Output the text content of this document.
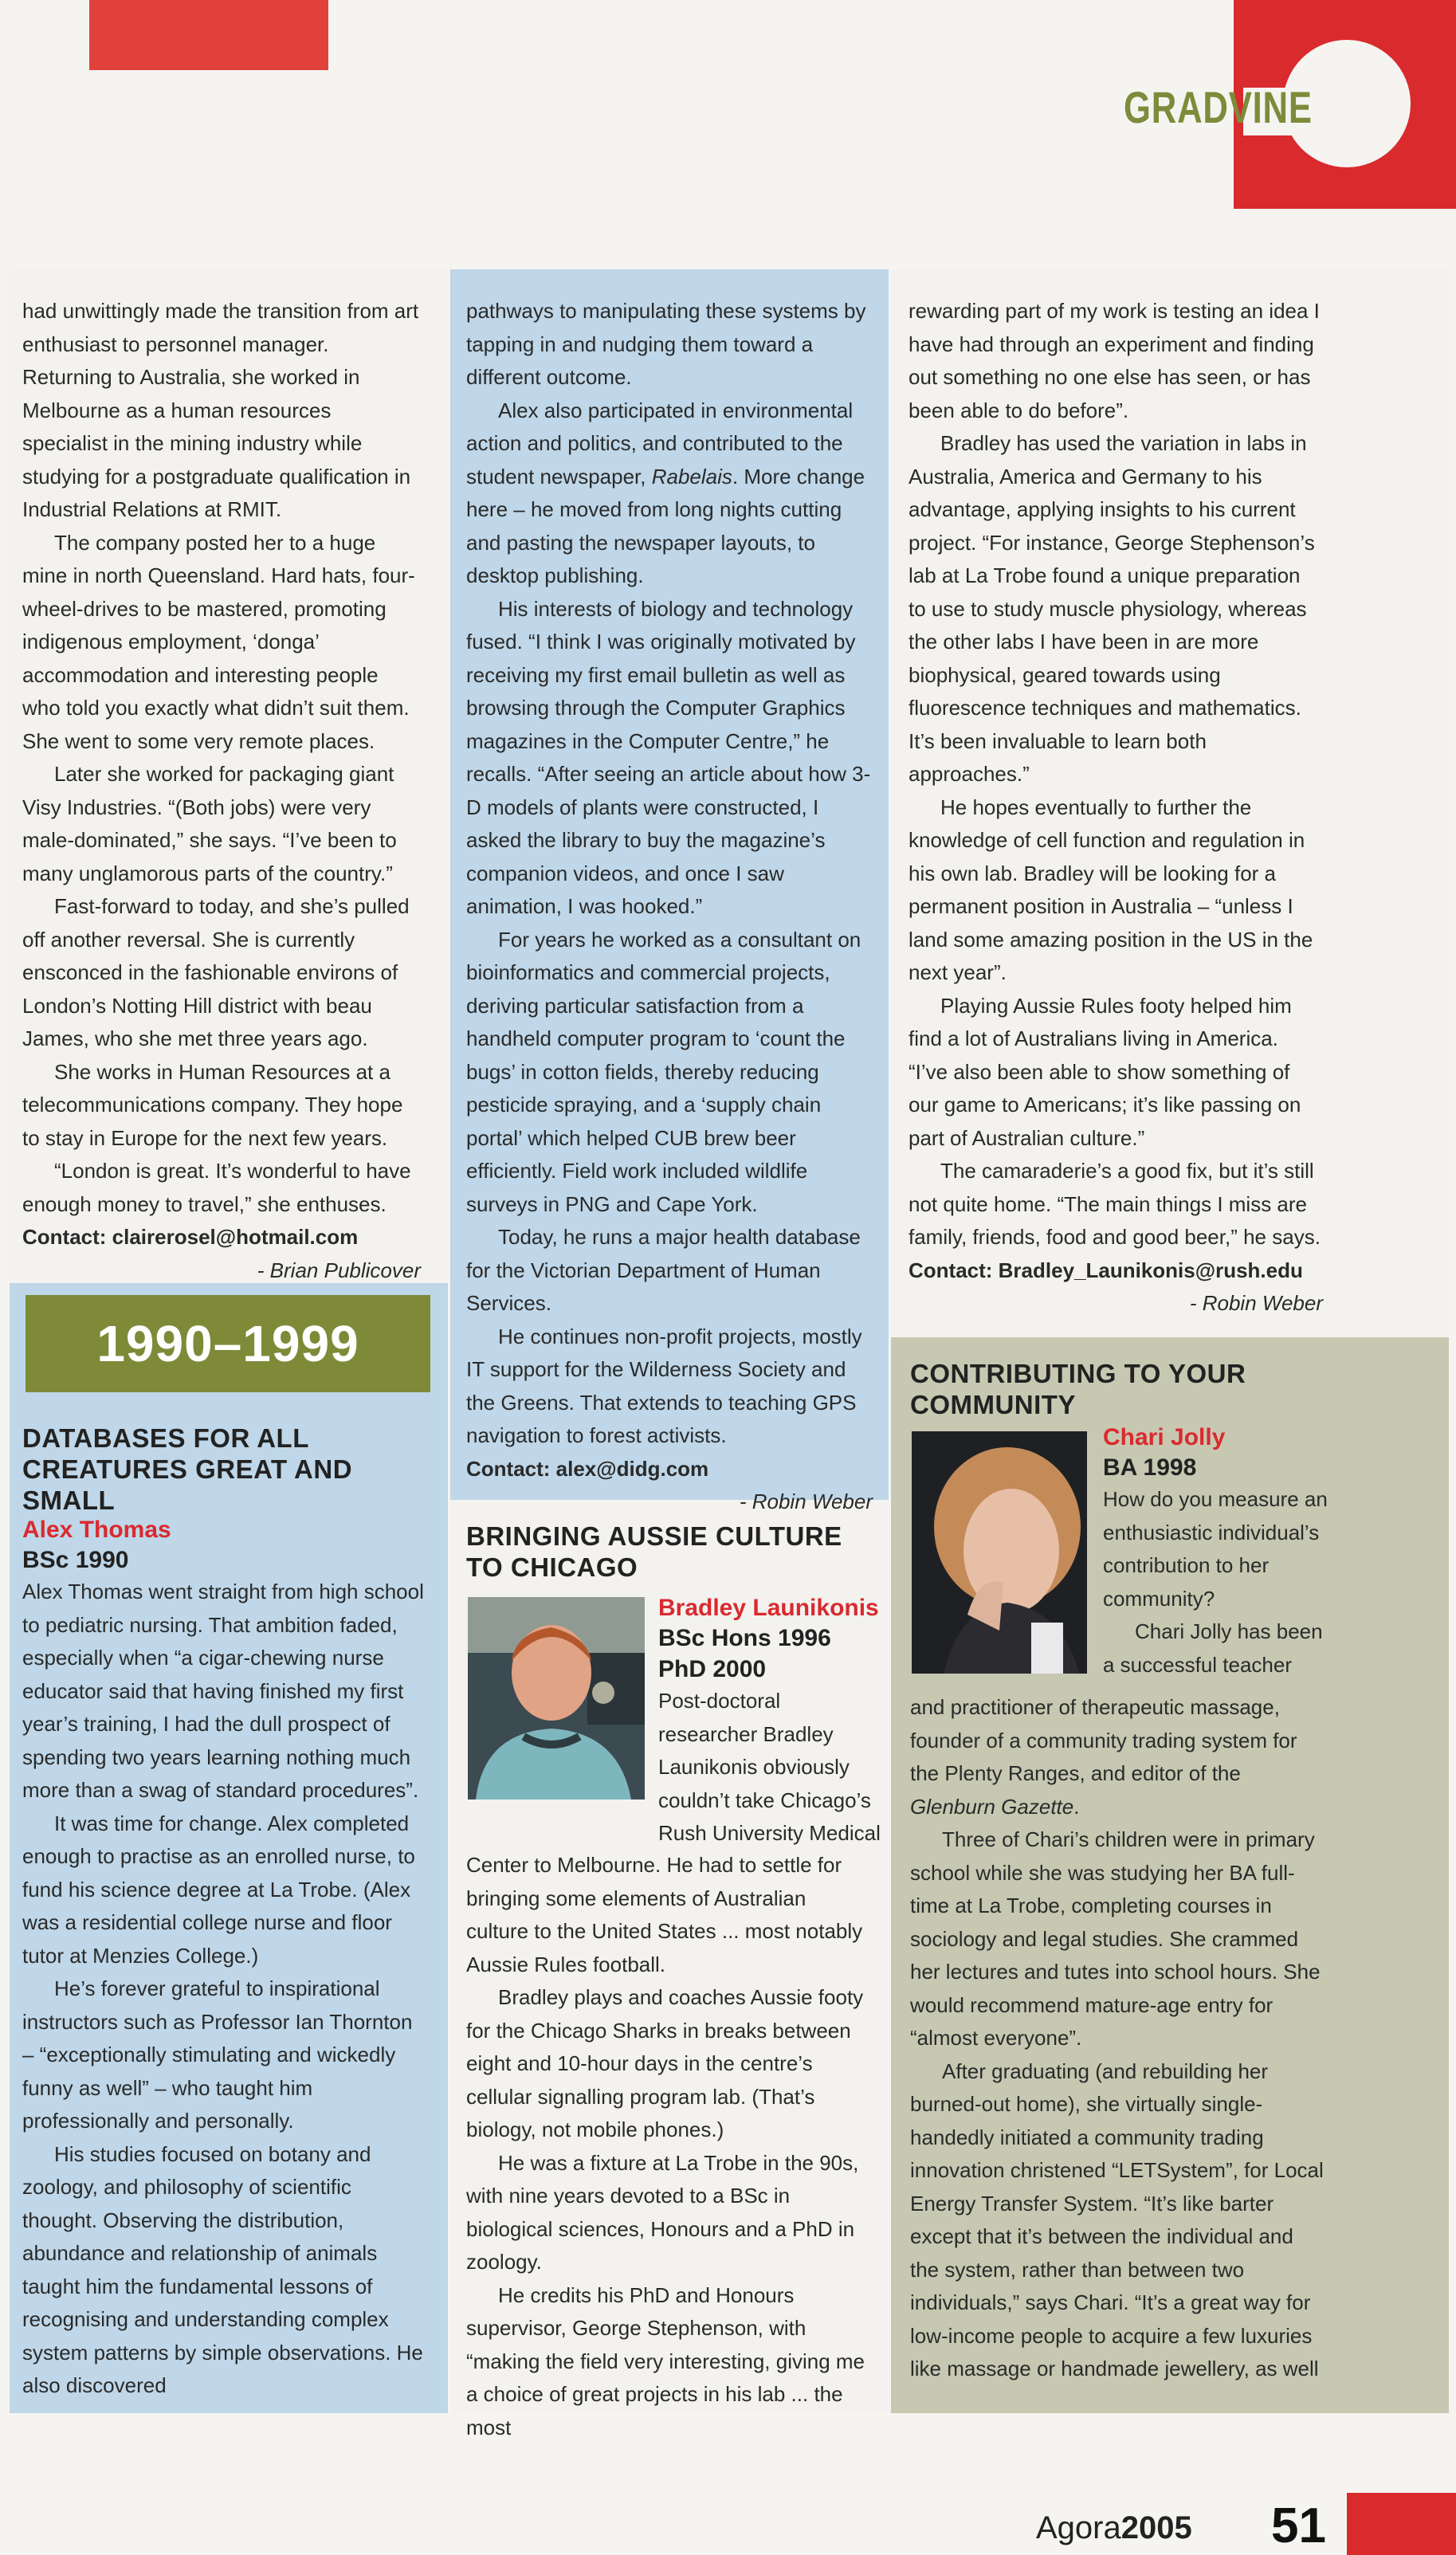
GRADVINE

had unwittingly made the transition from art enthusiast to personnel manager. Returning to Australia, she worked in Melbourne as a human resources specialist in the mining industry while studying for a postgraduate qualification in Industrial Relations at RMIT.

The company posted her to a huge mine in north Queensland. Hard hats, four-wheel-drives to be mastered, promoting indigenous employment, ‘donga’ accommodation and interesting people who told you exactly what didn’t suit them. She went to some very remote places.

Later she worked for packaging giant Visy Industries. “(Both jobs) were very male-dominated,” she says. “I’ve been to many unglamorous parts of the country.”

Fast-forward to today, and she’s pulled off another reversal. She is currently ensconced in the fashionable environs of London’s Notting Hill district with beau James, who she met three years ago.

She works in Human Resources at a telecommunications company. They hope to stay in Europe for the next few years.

“London is great. It’s wonderful to have enough money to travel,” she enthuses.

Contact: clairerosel@hotmail.com

- Brian Publicover

1990–1999
DATABASES FOR ALL CREATURES GREAT AND SMALL
Alex Thomas
BSc 1990

Alex Thomas went straight from high school to pediatric nursing. That ambition faded, especially when “a cigar-chewing nurse educator said that having finished my first year’s training, I had the dull prospect of spending two years learning nothing much more than a swag of standard procedures”.

It was time for change. Alex completed enough to practise as an enrolled nurse, to fund his science degree at La Trobe. (Alex was a residential college nurse and floor tutor at Menzies College.)

He’s forever grateful to inspirational instructors such as Professor Ian Thornton – “exceptionally stimulating and wickedly funny as well” – who taught him professionally and personally.

His studies focused on botany and zoology, and philosophy of scientific thought. Observing the distribution, abundance and relationship of animals taught him the fundamental lessons of recognising and understanding complex system patterns by simple observations. He also discovered

pathways to manipulating these systems by tapping in and nudging them toward a different outcome.

Alex also participated in environmental action and politics, and contributed to the student newspaper, Rabelais. More change here – he moved from long nights cutting and pasting the newspaper layouts, to desktop publishing.

His interests of biology and technology fused. “I think I was originally motivated by receiving my first email bulletin as well as browsing through the Computer Graphics magazines in the Computer Centre,” he recalls. “After seeing an article about how 3-D models of plants were constructed, I asked the library to buy the magazine’s companion videos, and once I saw animation, I was hooked.”

For years he worked as a consultant on bioinformatics and commercial projects, deriving particular satisfaction from a handheld computer program to ‘count the bugs’ in cotton fields, thereby reducing pesticide spraying, and a ‘supply chain portal’ which helped CUB brew beer efficiently. Field work included wildlife surveys in PNG and Cape York.

Today, he runs a major health database for the Victorian Department of Human Services.

He continues non-profit projects, mostly IT support for the Wilderness Society and the Greens. That extends to teaching GPS navigation to forest activists.

Contact: alex@didg.com

- Robin Weber

BRINGING AUSSIE CULTURE TO CHICAGO
Bradley Launikonis
BSc Hons 1996
PhD 2000
Post-doctoral
researcher Bradley
Launikonis obviously
couldn’t take Chicago’s
Rush University Medical

Center to Melbourne. He had to settle for bringing some elements of Australian culture to the United States ... most notably Aussie Rules football.

Bradley plays and coaches Aussie footy for the Chicago Sharks in breaks between eight and 10-hour days in the centre’s cellular signalling program lab. (That’s biology, not mobile phones.)

He was a fixture at La Trobe in the 90s, with nine years devoted to a BSc in biological sciences, Honours and a PhD in zoology.

He credits his PhD and Honours supervisor, George Stephenson, with “making the field very interesting, giving me a choice of great projects in his lab ... the most

rewarding part of my work is testing an idea I have had through an experiment and finding out something no one else has seen, or has been able to do before”.

Bradley has used the variation in labs in Australia, America and Germany to his advantage, applying insights to his current project. “For instance, George Stephenson’s lab at La Trobe found a unique preparation to use to study muscle physiology, whereas the other labs I have been in are more biophysical, geared towards using fluorescence techniques and mathematics. It’s been invaluable to learn both approaches.”

He hopes eventually to further the knowledge of cell function and regulation in his own lab. Bradley will be looking for a permanent position in Australia – “unless I land some amazing position in the US in the next year”.

Playing Aussie Rules footy helped him find a lot of Australians living in America. “I’ve also been able to show something of our game to Americans; it’s like passing on part of Australian culture.”

The camaraderie’s a good fix, but it’s still not quite home. “The main things I miss are family, friends, food and good beer,” he says.

Contact: Bradley_Launikonis@rush.edu

- Robin Weber

CONTRIBUTING TO YOUR COMMUNITY
Chari Jolly
BA 1998
How do you measure an
enthusiastic individual’s
contribution to her
community?
Chari Jolly has been
a successful teacher

and practitioner of therapeutic massage, founder of a community trading system for the Plenty Ranges, and editor of the Glenburn Gazette.

Three of Chari’s children were in primary school while she was studying her BA full-time at La Trobe, completing courses in sociology and legal studies. She crammed her lectures and tutes into school hours. She would recommend mature-age entry for “almost everyone”.

After graduating (and rebuilding her burned-out home), she virtually single-handedly initiated a community trading innovation christened “LETSystem”, for Local Energy Transfer System. “It’s like barter except that it’s between the individual and the system, rather than between two individuals,” says Chari. “It’s a great way for low-income people to acquire a few luxuries like massage or handmade jewellery, as well

Agora2005 51
